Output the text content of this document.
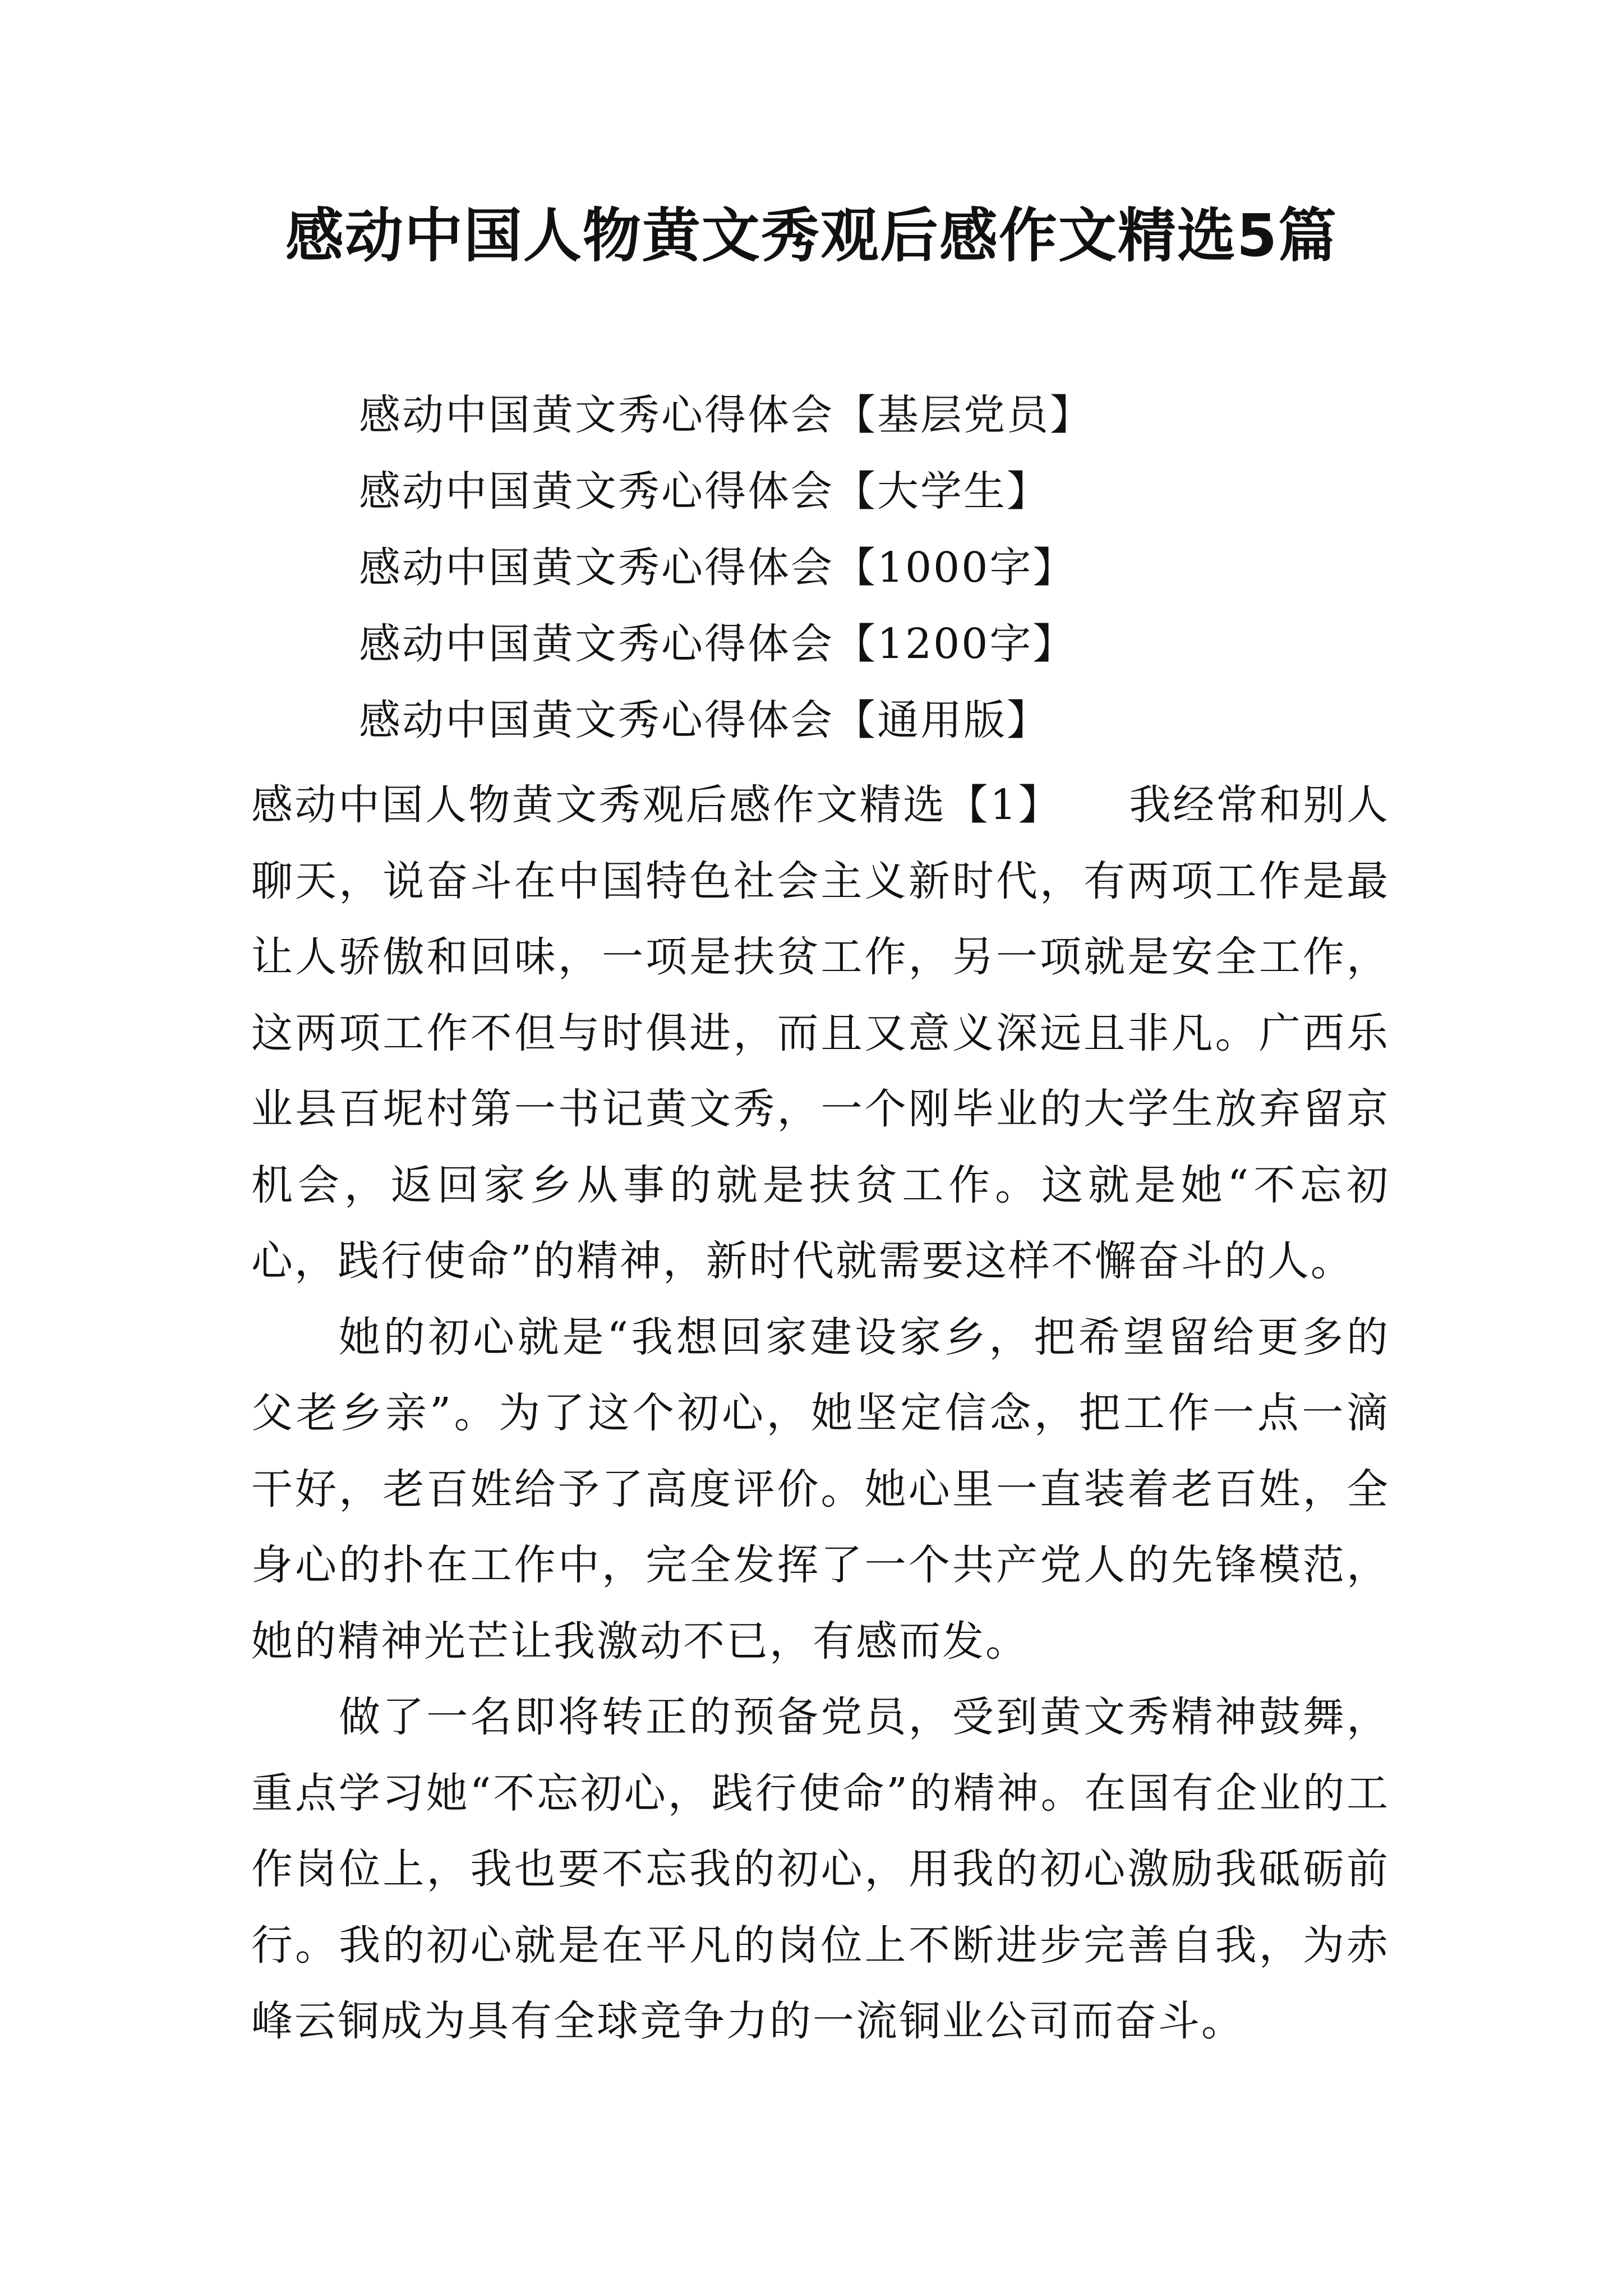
感动中国人物黄文秀观后感作文精选5篇
感动中国黄文秀心得体会【基层党员】
感动中国黄文秀心得体会【大学生】
感动中国黄文秀心得体会【1000字】
感动中国黄文秀心得体会【1200字】
感动中国黄文秀心得体会【通用版】

感动中国人物黄文秀观后感作文精选【1】 我经常和别人聊天，说奋斗在中国特色社会主义新时代，有两项工作是最让人骄傲和回味，一项是扶贫工作，另一项就是安全工作，这两项工作不但与时俱进，而且又意义深远且非凡。广西乐业县百坭村第一书记黄文秀，一个刚毕业的大学生放弃留京机会，返回家乡从事的就是扶贫工作。这就是她“不忘初心，践行使命”的精神，新时代就需要这样不懈奋斗的人。

她的初心就是“我想回家建设家乡，把希望留给更多的父老乡亲”。为了这个初心，她坚定信念，把工作一点一滴干好，老百姓给予了高度评价。她心里一直装着老百姓，全身心的扑在工作中，完全发挥了一个共产党人的先锋模范，她的精神光芒让我激动不已，有感而发。

做了一名即将转正的预备党员，受到黄文秀精神鼓舞，重点学习她“不忘初心，践行使命”的精神。在国有企业的工作岗位上，我也要不忘我的初心，用我的初心激励我砥砺前行。我的初心就是在平凡的岗位上不断进步完善自我，为赤峰云铜成为具有全球竞争力的一流铜业公司而奋斗。
